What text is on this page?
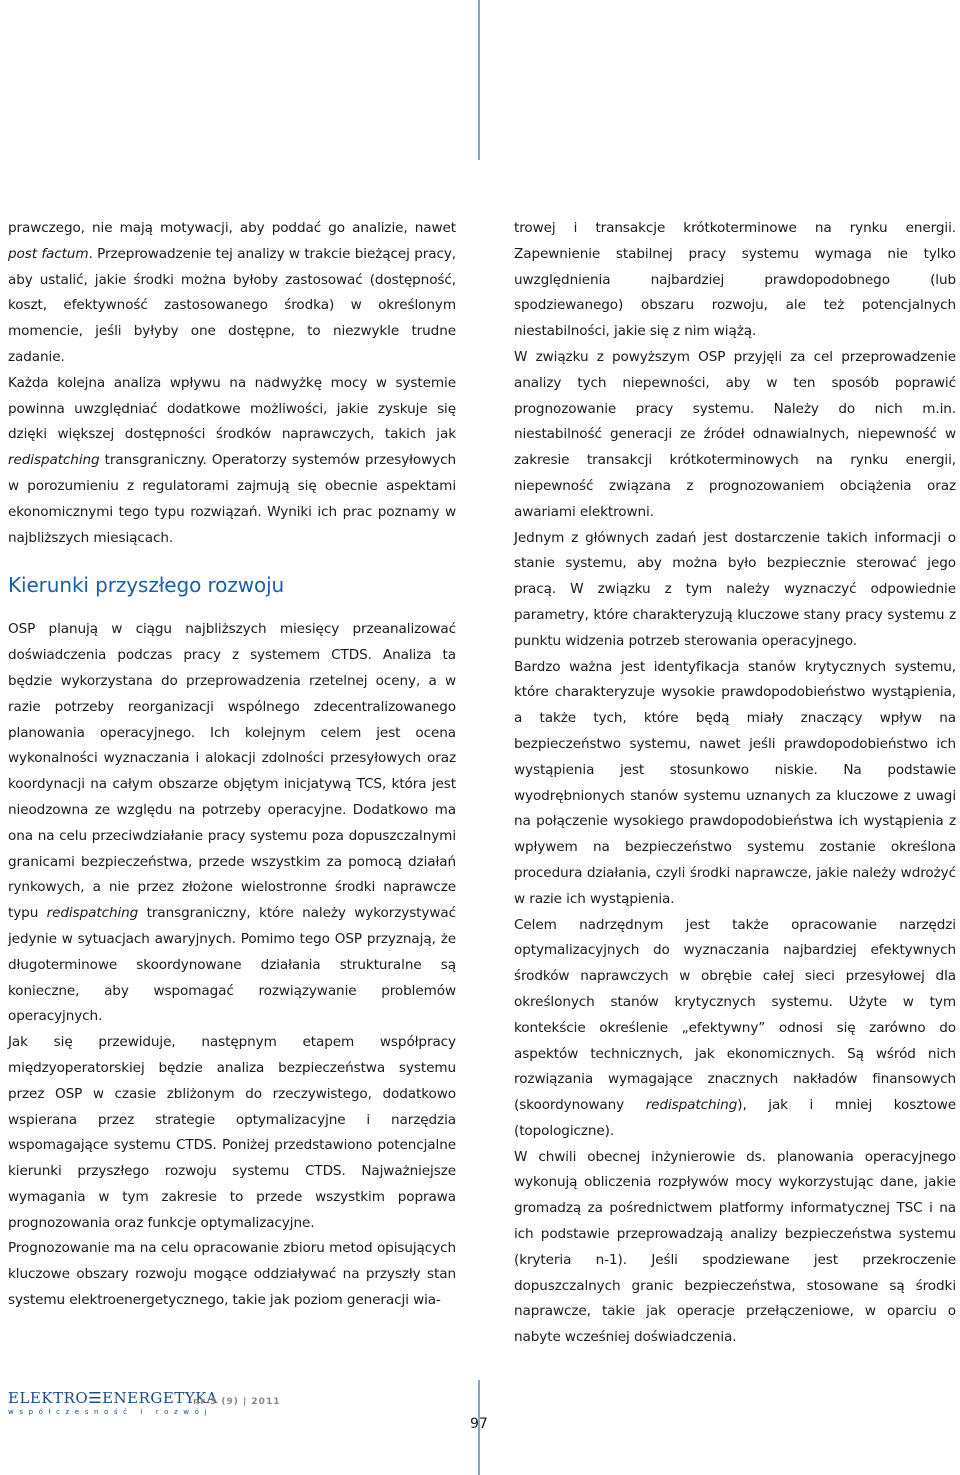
prawczego, nie mają motywacji, aby poddać go analizie, nawet post factum. Przeprowadzenie tej analizy w trakcie bieżącej pracy, aby ustalić, jakie środki można byłoby zastosować (dostępność, koszt, efektywność zastosowanego środka) w określonym momencie, jeśli byłyby one dostępne, to niezwykle trudne zadanie.

Każda kolejna analiza wpływu na nadwyżkę mocy w systemie powinna uwzględniać dodatkowe możliwości, jakie zyskuje się dzięki większej dostępności środków naprawczych, takich jak redispatching transgraniczny. Operatorzy systemów przesyłowych w porozumieniu z regulatorami zajmują się obecnie aspektami ekonomicznymi tego typu rozwiązań. Wyniki ich prac poznamy w najbliższych miesiącach.

Kierunki przyszłego rozwoju

OSP planują w ciągu najbliższych miesięcy przeanalizować doświadczenia podczas pracy z systemem CTDS. Analiza ta będzie wykorzystana do przeprowadzenia rzetelnej oceny, a w razie potrzeby reorganizacji wspólnego zdecentralizowanego planowania operacyjnego. Ich kolejnym celem jest ocena wykonalności wyznaczania i alokacji zdolności przesyłowych oraz koordynacji na całym obszarze objętym inicjatywą TCS, która jest nieodzowna ze względu na potrzeby operacyjne. Dodatkowo ma ona na celu przeciwdziałanie pracy systemu poza dopuszczalnymi granicami bezpieczeństwa, przede wszystkim za pomocą działań rynkowych, a nie przez złożone wielostronne środki naprawcze typu redispatching transgraniczny, które należy wykorzystywać jedynie w sytuacjach awaryjnych. Pomimo tego OSP przyznają, że długoterminowe skoordynowane działania strukturalne są konieczne, aby wspomagać rozwiązywanie problemów operacyjnych.

Jak się przewiduje, następnym etapem współpracy międzyoperatorskiej będzie analiza bezpieczeństwa systemu przez OSP w czasie zbliżonym do rzeczywistego, dodatkowo wspierana przez strategie optymalizacyjne i narzędzia wspomagające systemu CTDS. Poniżej przedstawiono potencjalne kierunki przyszłego rozwoju systemu CTDS. Najważniejsze wymagania w tym zakresie to przede wszystkim poprawa prognozowania oraz funkcje optymalizacyjne.

Prognozowanie ma na celu opracowanie zbioru metod opisujących kluczowe obszary rozwoju mogące oddziaływać na przyszły stan systemu elektroenergetycznego, takie jak poziom generacji wia-

trowej i transakcje krótkoterminowe na rynku energii. Zapewnienie stabilnej pracy systemu wymaga nie tylko uwzględnienia najbardziej prawdopodobnego (lub spodziewanego) obszaru rozwoju, ale też potencjalnych niestabilności, jakie się z nim wiążą.

W związku z powyższym OSP przyjęli za cel przeprowadzenie analizy tych niepewności, aby w ten sposób poprawić prognozowanie pracy systemu. Należy do nich m.in. niestabilność generacji ze źródeł odnawialnych, niepewność w zakresie transakcji krótkoterminowych na rynku energii, niepewność związana z prognozowaniem obciążenia oraz awariami elektrowni.

Jednym z głównych zadań jest dostarczenie takich informacji o stanie systemu, aby można było bezpiecznie sterować jego pracą. W związku z tym należy wyznaczyć odpowiednie parametry, które charakteryzują kluczowe stany pracy systemu z punktu widzenia potrzeb sterowania operacyjnego.

Bardzo ważna jest identyfikacja stanów krytycznych systemu, które charakteryzuje wysokie prawdopodobieństwo wystąpienia, a także tych, które będą miały znaczący wpływ na bezpieczeństwo systemu, nawet jeśli prawdopodobieństwo ich wystąpienia jest stosunkowo niskie. Na podstawie wyodrębnionych stanów systemu uznanych za kluczowe z uwagi na połączenie wysokiego prawdopodobieństwa ich wystąpienia z wpływem na bezpieczeństwo systemu zostanie określona procedura działania, czyli środki naprawcze, jakie należy wdrożyć w razie ich wystąpienia.

Celem nadrzędnym jest także opracowanie narzędzi optymalizacyjnych do wyznaczania najbardziej efektywnych środków naprawczych w obrębie całej sieci przesyłowej dla określonych stanów krytycznych systemu. Użyte w tym kontekście określenie „efektywny” odnosi się zarówno do aspektów technicznych, jak ekonomicznych. Są wśród nich rozwiązania wymagające znacznych nakładów finansowych (skoordynowany redispatching), jak i mniej kosztowe (topologiczne).

W chwili obecnej inżynierowie ds. planowania operacyjnego wykonują obliczenia rozpływów mocy wykorzystując dane, jakie gromadzą za pośrednictwem platformy informatycznej TSC i na ich podstawie przeprowadzają analizy bezpieczeństwa systemu (kryteria n-1). Jeśli spodziewane jest przekroczenie dopuszczalnych granic bezpieczeństwa, stosowane są środki naprawcze, takie jak operacje przełączeniowe, w oparciu o nabyte wcześniej doświadczenia.

ELEKTRO☰ENERGETYKA
współczesność i rozwój
nr 3 (9) | 2011
97
